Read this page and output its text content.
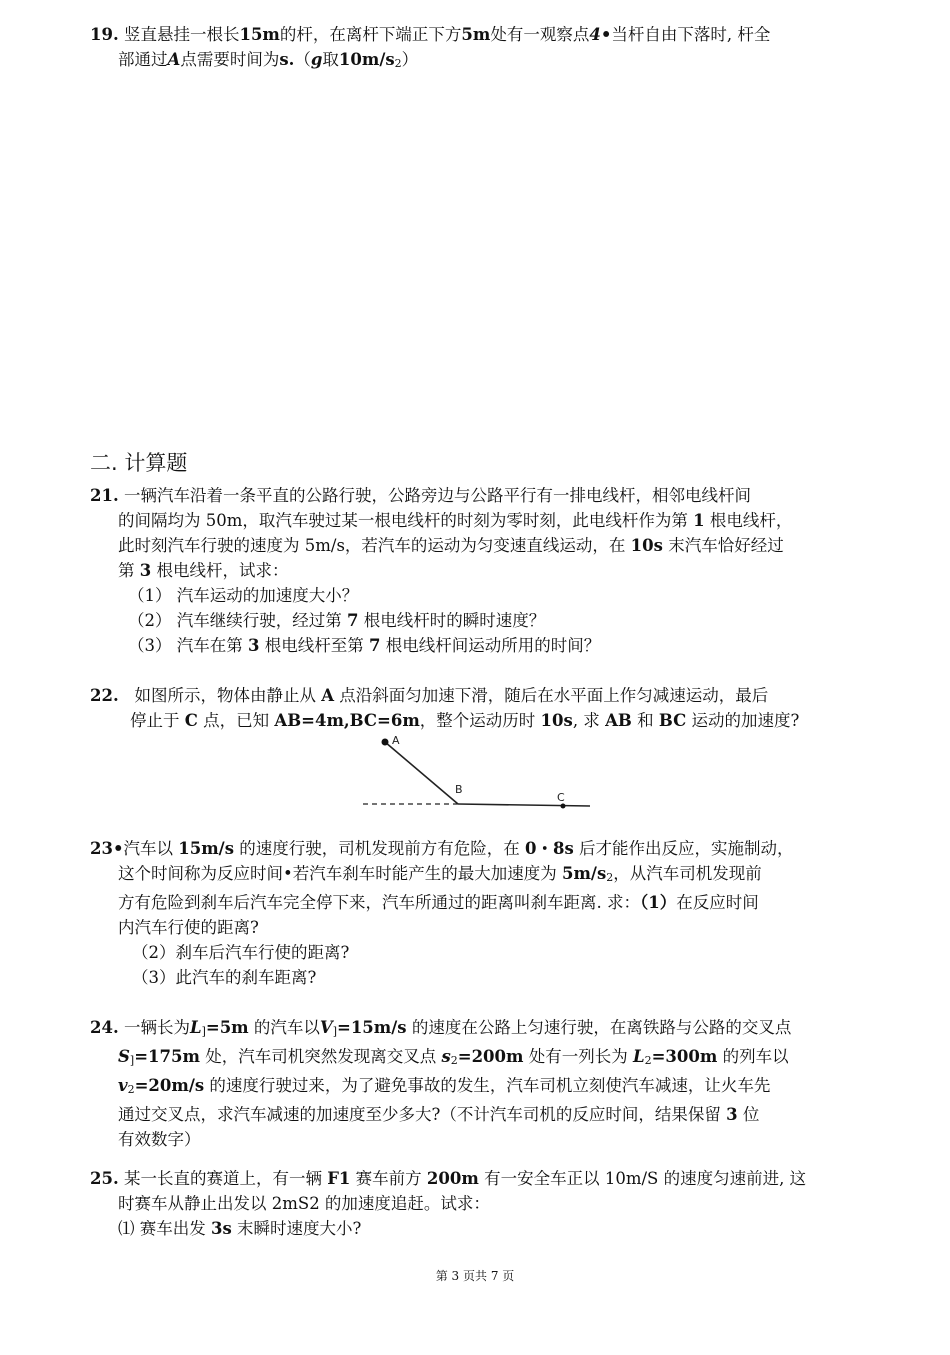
19. 竖直悬挂一根长15m的杆，在离杆下端正下方5m处有一观察点4•当杆自由下落时, 杆全
部通过A点需要时间为s.（g取10m/s2）
二. 计算题
21. 一辆汽车沿着一条平直的公路行驶，公路旁边与公路平行有一排电线杆，相邻电线杆间
的间隔均为 50m，取汽车驶过某一根电线杆的时刻为零时刻，此电线杆作为第 1 根电线杆，
此时刻汽车行驶的速度为 5m/s，若汽车的运动为匀变速直线运动，在 10s 末汽车恰好经过
第 3 根电线杆，试求：
（1） 汽车运动的加速度大小？
（2） 汽车继续行驶，经过第 7 根电线杆时的瞬时速度？
（3） 汽车在第 3 根电线杆至第 7 根电线杆间运动所用的时间？
22. 如图所示，物体由静止从 A 点沿斜面匀加速下滑，随后在水平面上作匀减速运动，最后
停止于 C 点，已知 AB=4m,BC=6m，整个运动历时 10s, 求 AB 和 BC 运动的加速度?
A
B
C
23•汽车以 15m/s 的速度行驶，司机发现前方有危险，在 0・8s 后才能作出反应，实施制动，
这个时间称为反应时间•若汽车刹车时能产生的最大加速度为 5m/s2，从汽车司机发现前
方有危险到刹车后汽车完全停下来，汽车所通过的距离叫刹车距离. 求：（1）在反应时间
内汽车行使的距离?
（2）刹车后汽车行使的距离?
（3）此汽车的刹车距离?
24. 一辆长为L]=5m 的汽车以V]=15m/s 的速度在公路上匀速行驶，在离铁路与公路的交叉点
S]=175m 处，汽车司机突然发现离交叉点 s2=200m 处有一列长为 L2=300m 的列车以
v2=20m/s 的速度行驶过来，为了避免事故的发生，汽车司机立刻使汽车减速，让火车先
通过交叉点，求汽车减速的加速度至少多大?（不计汽车司机的反应时间，结果保留 3 位
有效数字）
25. 某一长直的赛道上，有一辆 F1 赛车前方 200m 有一安全车正以 10m/S 的速度匀速前进, 这
时赛车从静止出发以 2mS2 的加速度追赶。试求：
⑴ 赛车出发 3s 末瞬时速度大小?
第 3 页共 7 页
